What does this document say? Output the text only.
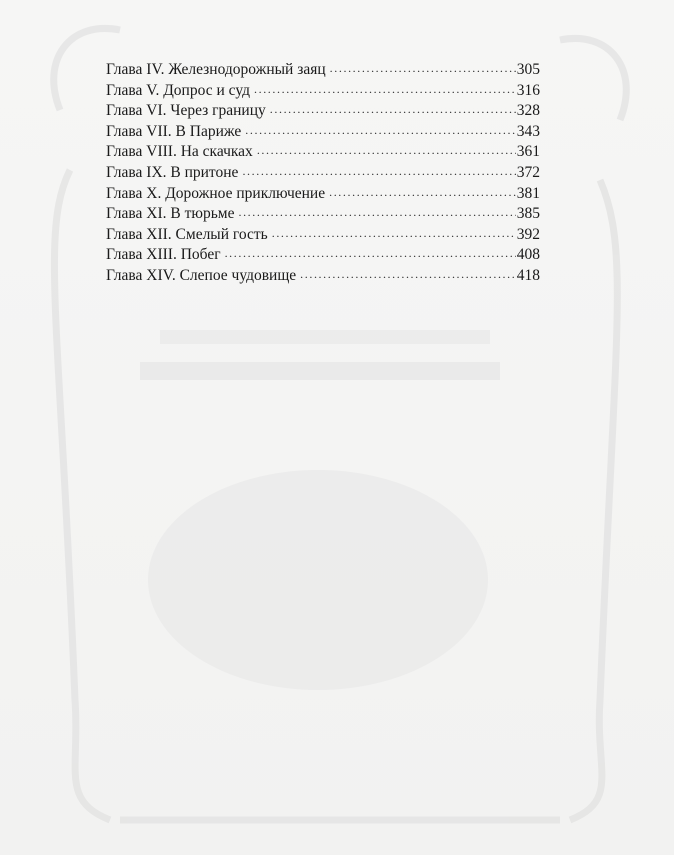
Глава IV. Железнодорожный заяц .....	305
Глава V. Допрос и суд .....	316
Глава VI. Через границу .....	328
Глава VII. В Париже .....	343
Глава VIII. На скачках .....	361
Глава IX. В притоне .....	372
Глава X. Дорожное приключение .....	381
Глава XI. В тюрьме .....	385
Глава XII. Смелый гость .....	392
Глава XIII. Побег .....	408
Глава XIV. Слепое чудовище .....	418
